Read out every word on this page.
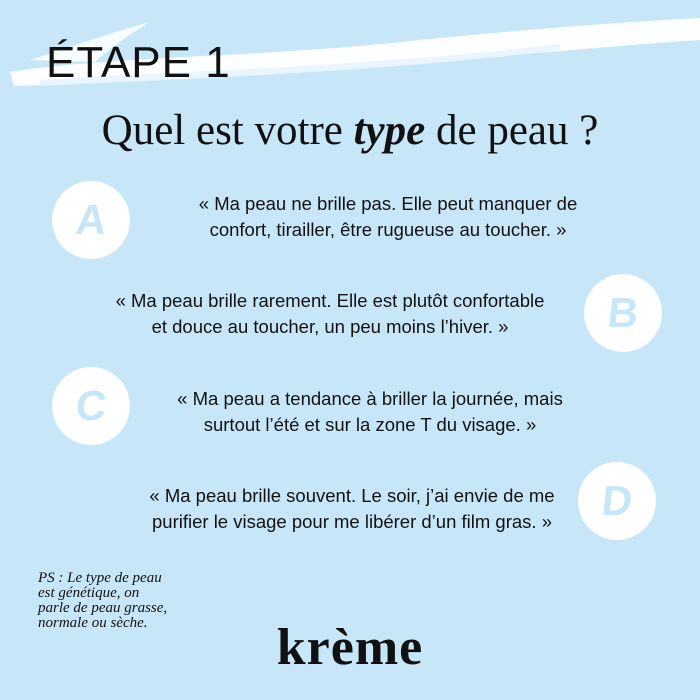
ÉTAPE 1
Quel est votre type de peau ?
A	« Ma peau ne brille pas. Elle peut manquer de
confort, tirailler, être rugueuse au toucher. »
B
« Ma peau brille rarement. Elle est plutôt confortable
et douce au toucher, un peu moins l’hiver. »
C	« Ma peau a tendance à briller la journée, mais
surtout l’été et sur la zone T du visage. »
D
« Ma peau brille souvent. Le soir, j’ai envie de me
purifier le visage pour me libérer d’un film gras. »
PS : Le type de peau
est génétique, on
parle de peau grasse,
normale ou sèche.	krème
